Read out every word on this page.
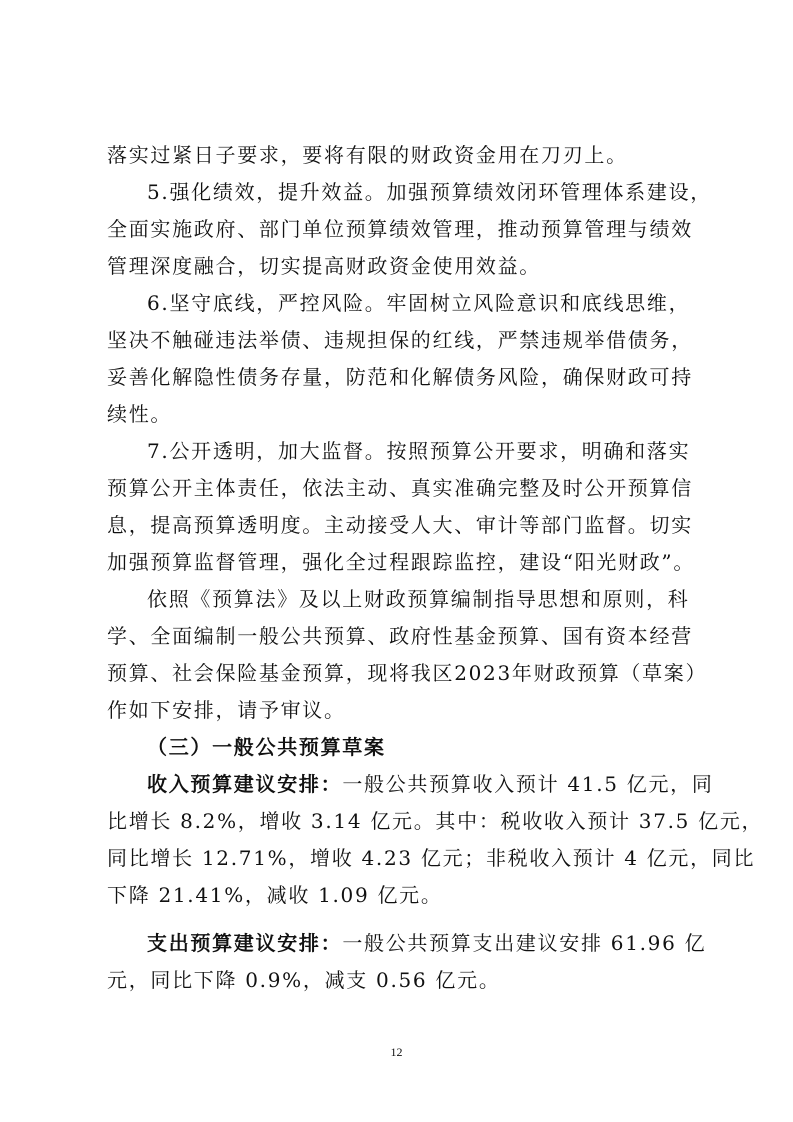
落实过紧日子要求，要将有限的财政资金用在刀刃上。
5.强化绩效，提升效益。加强预算绩效闭环管理体系建设，
全面实施政府、部门单位预算绩效管理，推动预算管理与绩效
管理深度融合，切实提高财政资金使用效益。
6.坚守底线，严控风险。牢固树立风险意识和底线思维，
坚决不触碰违法举债、违规担保的红线，严禁违规举借债务，
妥善化解隐性债务存量，防范和化解债务风险，确保财政可持
续性。
7.公开透明，加大监督。按照预算公开要求，明确和落实
预算公开主体责任，依法主动、真实准确完整及时公开预算信
息，提高预算透明度。主动接受人大、审计等部门监督。切实
加强预算监督管理，强化全过程跟踪监控，建设“阳光财政”。
依照《预算法》及以上财政预算编制指导思想和原则，科
学、全面编制一般公共预算、政府性基金预算、国有资本经营
预算、社会保险基金预算，现将我区2023年财政预算（草案）
作如下安排，请予审议。
（三）一般公共预算草案
收入预算建议安排：一般公共预算收入预计 41.5 亿元，同
比增长 8.2%，增收 3.14 亿元。其中：税收收入预计 37.5 亿元，
同比增长 12.71%，增收 4.23 亿元；非税收入预计 4 亿元，同比
下降 21.41%，减收 1.09 亿元。
支出预算建议安排：一般公共预算支出建议安排 61.96 亿
元，同比下降 0.9%，减支 0.56 亿元。
12
